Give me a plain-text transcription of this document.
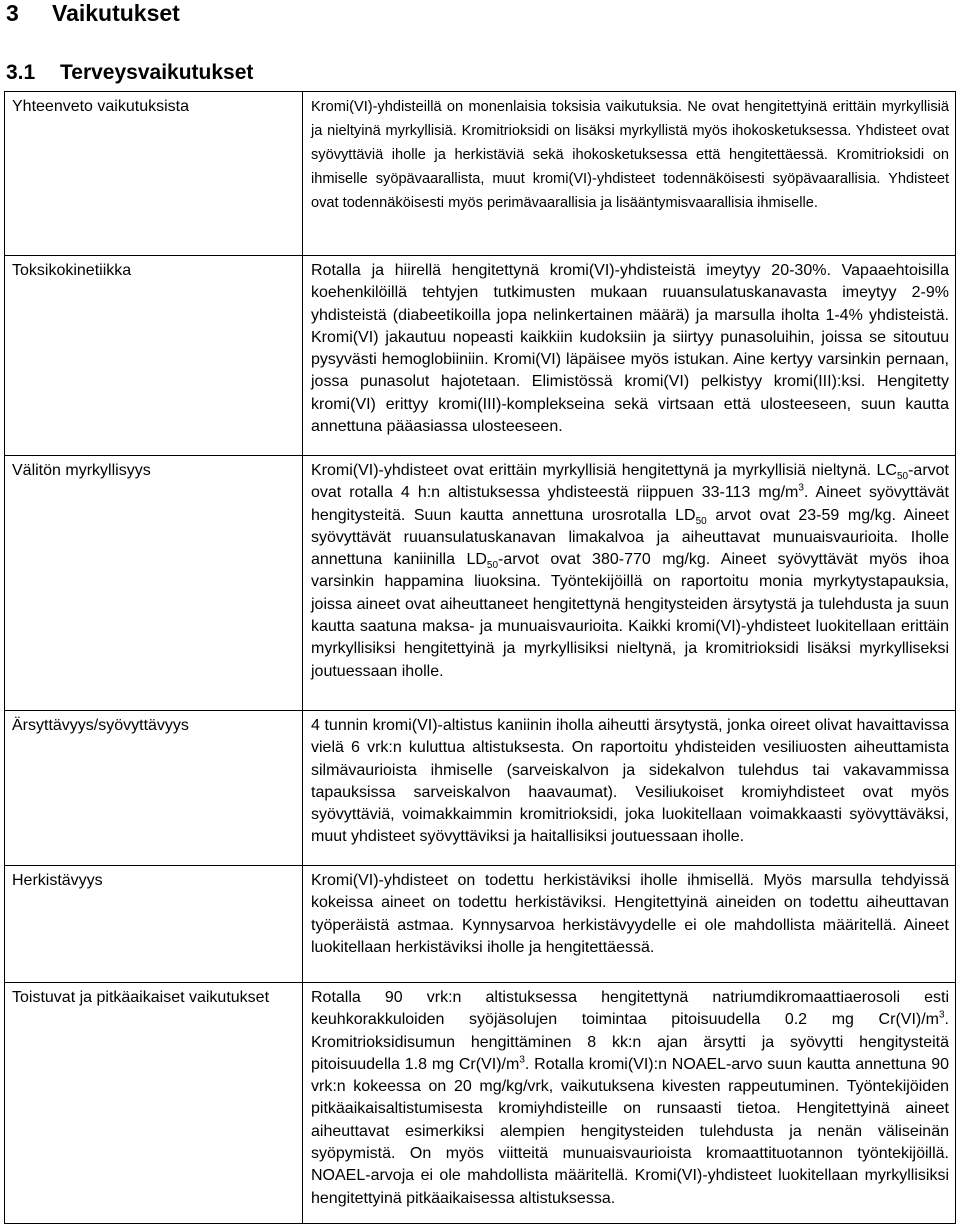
3 Vaikutukset
3.1 Terveysvaikutukset
Yhteenveto vaikutuksista	Kromi(VI)-yhdisteillä on monenlaisia toksisia vaikutuksia. Ne ovat hengitettyinä erittäin myrkyllisiä ja nieltyinä myrkyllisiä. Kromitrioksidi on lisäksi myrkyllistä myös ihokosketuksessa. Yhdisteet ovat syövyttäviä iholle ja herkistäviä sekä ihokosketuksessa että hengitettäessä. Kromitrioksidi on ihmiselle syöpävaarallista, muut kromi(VI)-yhdisteet todennäköisesti syöpävaarallisia. Yhdisteet ovat todennäköisesti myös perimävaarallisia ja lisääntymisvaarallisia ihmiselle.
Toksikokinetiikka	Rotalla ja hiirellä hengitettynä kromi(VI)-yhdisteistä imeytyy 20-30%. Vapaaehtoisilla koehenkilöillä tehtyjen tutkimusten mukaan ruuansulatuskanavasta imeytyy 2-9% yhdisteistä (diabeetikoilla jopa nelinkertainen määrä) ja marsulla iholta 1-4% yhdisteistä. Kromi(VI) jakautuu nopeasti kaikkiin kudoksiin ja siirtyy punasoluihin, joissa se sitoutuu pysyvästi hemoglobiiniin. Kromi(VI) läpäisee myös istukan. Aine kertyy varsinkin pernaan, jossa punasolut hajotetaan. Elimistössä kromi(VI) pelkistyy kromi(III):ksi. Hengitetty kromi(VI) erittyy kromi(III)-komplekseina sekä virtsaan että ulosteeseen, suun kautta annettuna pääasiassa ulosteeseen.
Välitön myrkyllisyys	Kromi(VI)-yhdisteet ovat erittäin myrkyllisiä hengitettynä ja myrkyllisiä nieltynä. $LC_{50}$-arvot ovat rotalla 4 h:n altistuksessa yhdisteestä riippuen 33-113 $mg/m^3$. Aineet syövyttävät hengitysteitä. Suun kautta annettuna urosrotalla $LD_{50}$ arvot ovat 23-59 mg/kg. Aineet syövyttävät ruuansulatuskanavan limakalvoa ja aiheuttavat munuaisvaurioita. Iholle annettuna kaniinilla $LD_{50}$-arvot ovat 380-770 mg/kg. Aineet syövyttävät myös ihoa varsinkin happamina liuoksina. Työntekijöillä on raportoitu monia myrkytystapauksia, joissa aineet ovat aiheuttaneet hengitettynä hengitysteiden ärsytystä ja tulehdusta ja suun kautta saatuna maksa- ja munuaisvaurioita. Kaikki kromi(VI)-yhdisteet luokitellaan erittäin myrkyllisiksi hengitettyinä ja myrkyllisiksi nieltynä, ja kromitrioksidi lisäksi myrkylliseksi joutuessaan iholle.
Ärsyttävyys/syövyttävyys	4 tunnin kromi(VI)-altistus kaniinin iholla aiheutti ärsytystä, jonka oireet olivat havaittavissa vielä 6 vrk:n kuluttua altistuksesta. On raportoitu yhdisteiden vesiliuosten aiheuttamista silmävaurioista ihmiselle (sarveiskalvon ja sidekalvon tulehdus tai vakavammissa tapauksissa sarveiskalvon haavaumat). Vesiliukoiset kromiyhdisteet ovat myös syövyttäviä, voimakkaimmin kromitrioksidi, joka luokitellaan voimakkaasti syövyttäväksi, muut yhdisteet syövyttäviksi ja haitallisiksi joutuessaan iholle.
Herkistävyys	Kromi(VI)-yhdisteet on todettu herkistäviksi iholle ihmisellä. Myös marsulla tehdyissä kokeissa aineet on todettu herkistäviksi. Hengitettyinä aineiden on todettu aiheuttavan työperäistä astmaa. Kynnysarvoa herkistävyydelle ei ole mahdollista määritellä. Aineet luokitellaan herkistäviksi iholle ja hengitettäessä.
Toistuvat ja pitkäaikaiset vaikutukset	Rotalla 90 vrk:n altistuksessa hengitettynä natriumdikromaattiaerosoli esti keuhkorakkuloiden syöjäsolujen toimintaa pitoisuudella 0.2 mg $Cr(VI)/m^3$. Kromitrioksidisumun hengittäminen 8 kk:n ajan ärsytti ja syövytti hengitysteitä pitoisuudella 1.8 mg $Cr(VI)/m^3$. Rotalla kromi(VI):n NOAEL-arvo suun kautta annettuna 90 vrk:n kokeessa on 20 mg/kg/vrk, vaikutuksena kivesten rappeutuminen. Työntekijöiden pitkäaikaisaltistumisesta kromiyhdisteille on runsaasti tietoa. Hengitettyinä aineet aiheuttavat esimerkiksi alempien hengitysteiden tulehdusta ja nenän väliseinän syöpymistä. On myös viitteitä munuaisvaurioista kromaattituotannon työntekijöillä. NOAEL-arvoja ei ole mahdollista määritellä. Kromi(VI)-yhdisteet luokitellaan myrkyllisiksi hengitettyinä pitkäaikaisessa altistuksessa.
